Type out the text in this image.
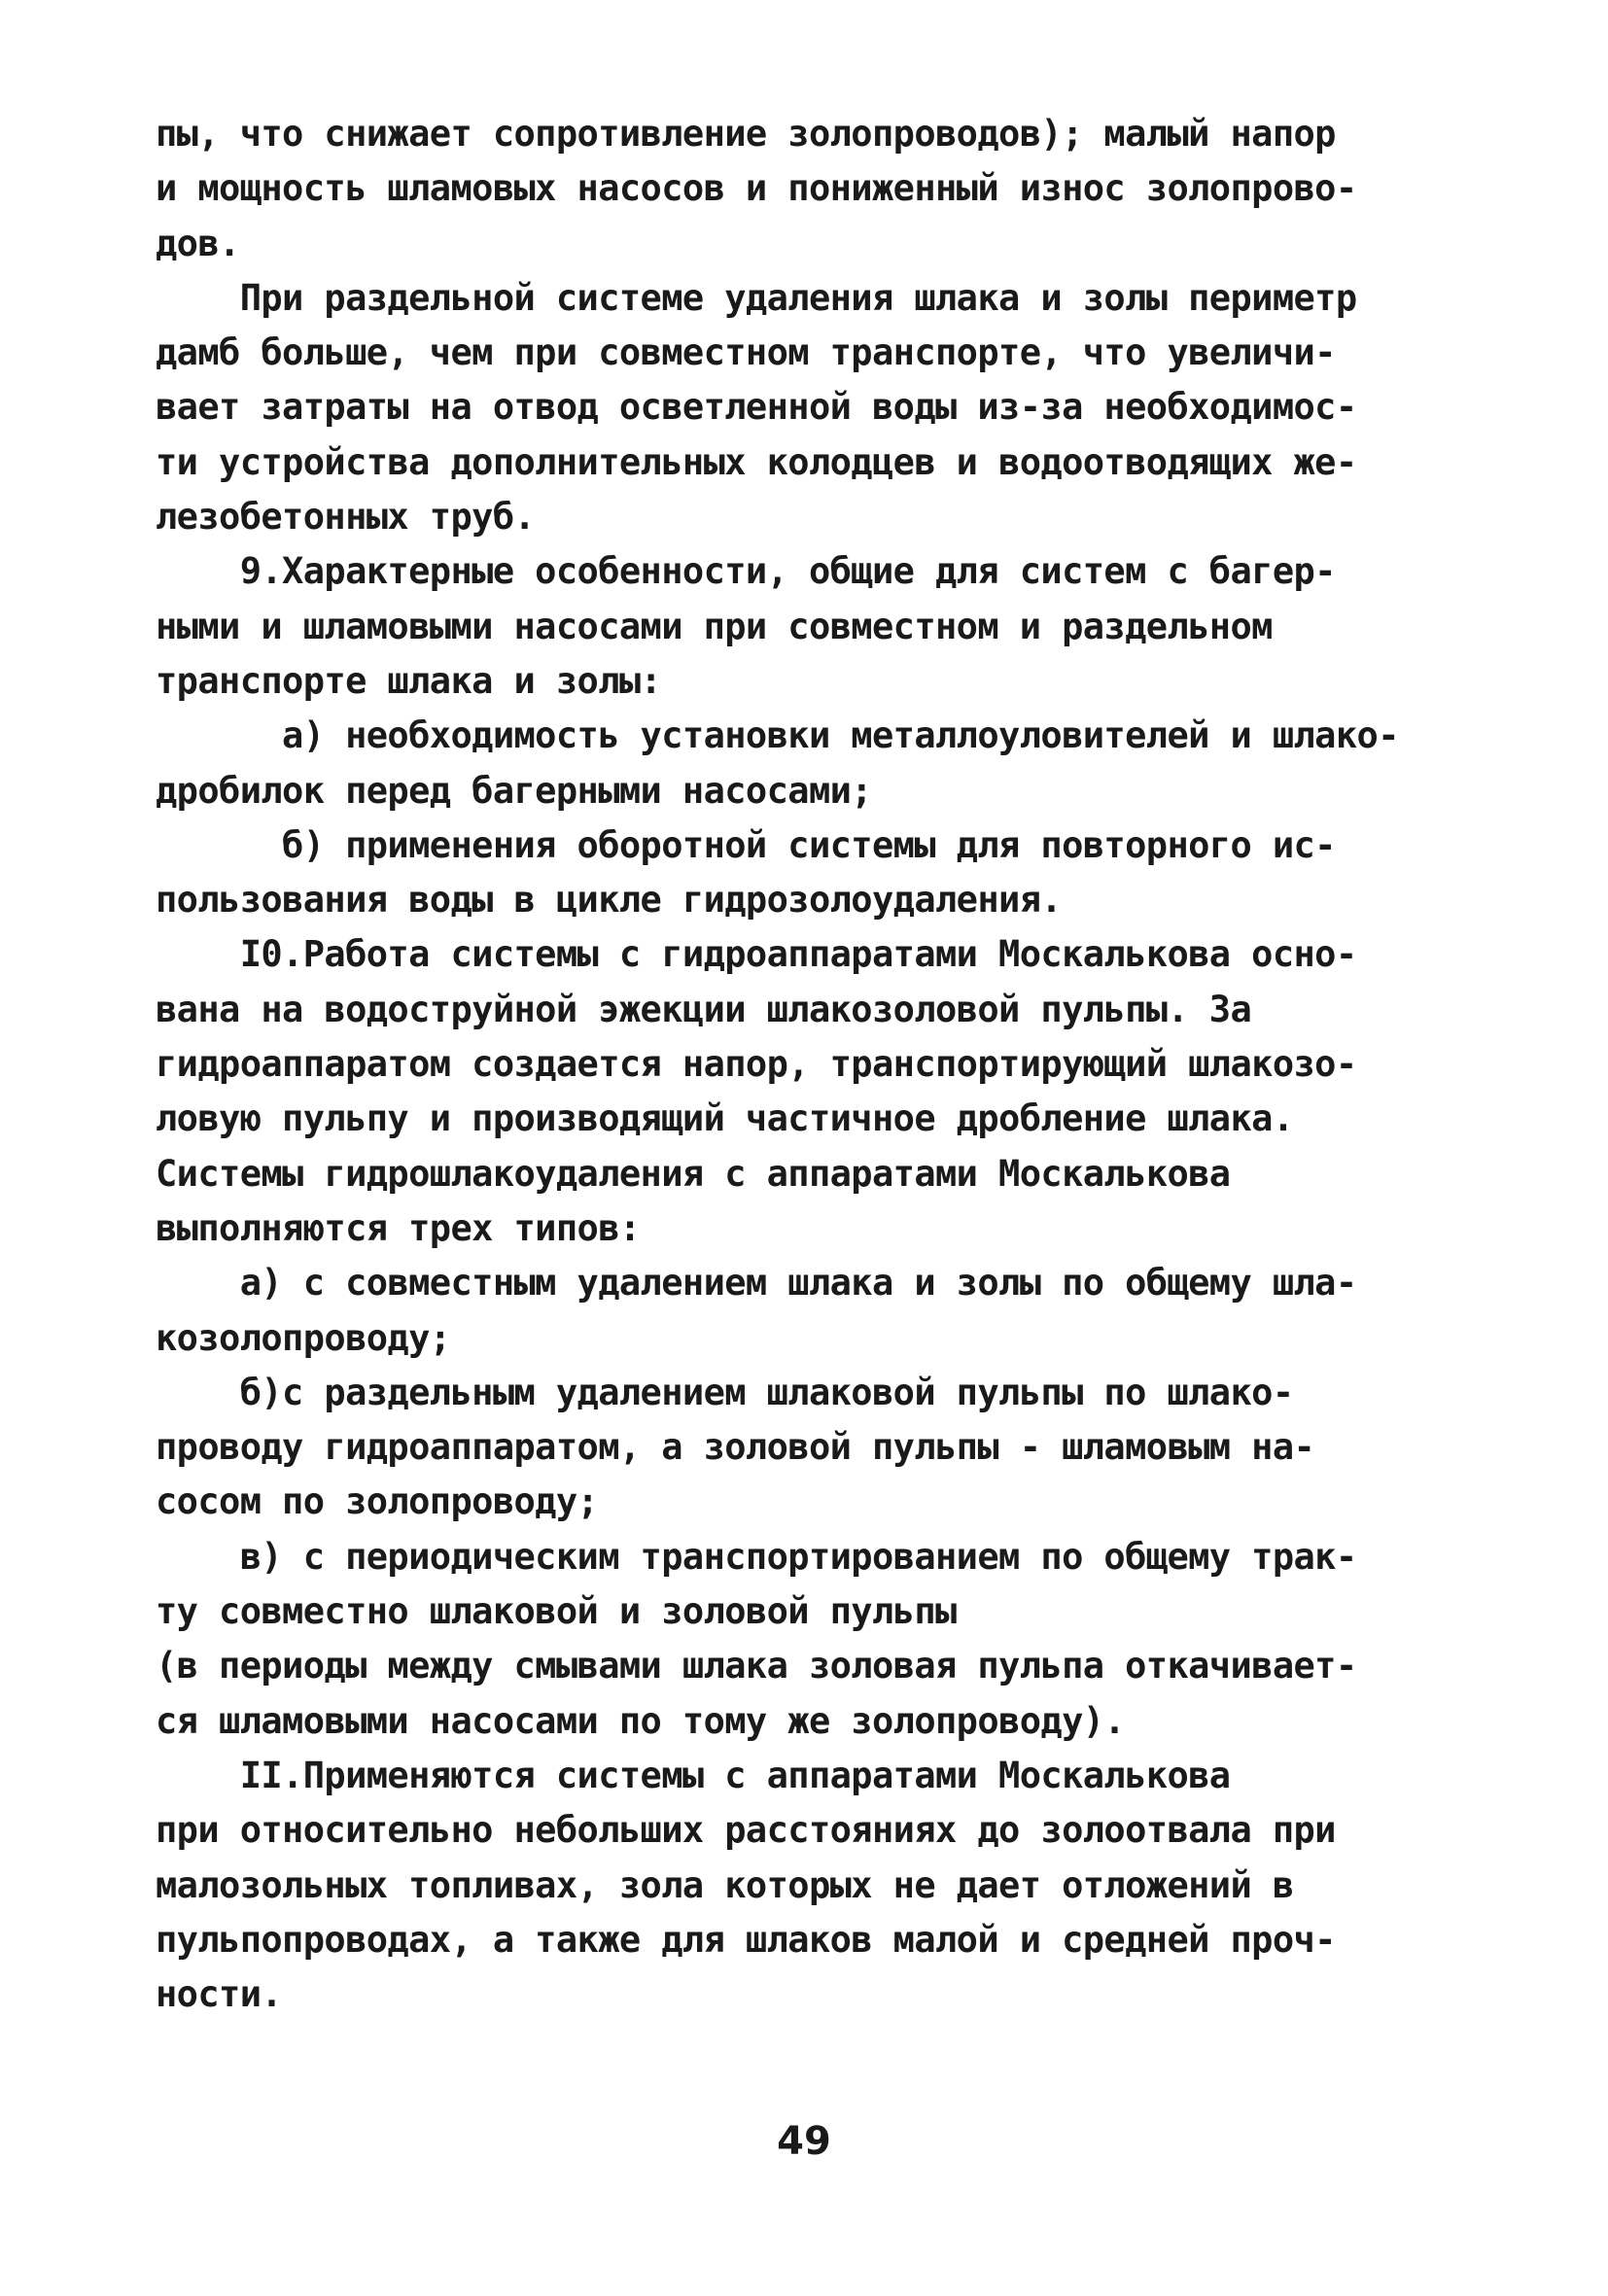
пы, что снижает сопротивление золопроводов); малый напор
и мощность шламовых насосов и пониженный износ золопрово-
дов.
При раздельной системе удаления шлака и золы периметр
дамб больше, чем при совместном транспорте, что увеличи-
вает затраты на отвод осветленной воды из-за необходимос-
ти устройства дополнительных колодцев и водоотводящих же-
лезобетонных труб.
9.Характерные особенности, общие для систем с багер-
ными и шламовыми насосами при совместном и раздельном
транспорте шлака и золы:
а) необходимость установки металлоуловителей и шлако-
дробилок перед багерными насосами;
б) применения оборотной системы для повторного ис-
пользования воды в цикле гидрозолоудаления.
I0.Работа системы с гидроаппаратами Москалькова осно-
вана на водоструйной эжекции шлакозоловой пульпы. За
гидроаппаратом создается напор, транспортирующий шлакозо-
ловую пульпу и производящий частичное дробление шлака.
Системы гидрошлакоудаления с аппаратами Москалькова
выполняются трех типов:
а) с совместным удалением шлака и золы по общему шла-
козолопроводу;
б)с раздельным удалением шлаковой пульпы по шлако-
проводу гидроаппаратом, а золовой пульпы - шламовым на-
сосом по золопроводу;
в) с периодическим транспортированием по общему трак-
ту совместно шлаковой и золовой пульпы
(в периоды между смывами шлака золовая пульпа откачивает-
ся шламовыми насосами по тому же золопроводу).
II.Применяются системы с аппаратами Москалькова
при относительно небольших расстояниях до золоотвала при
малозольных топливах, зола которых не дает отложений в
пульпопроводах, а также для шлаков малой и средней проч-
ности.
49
